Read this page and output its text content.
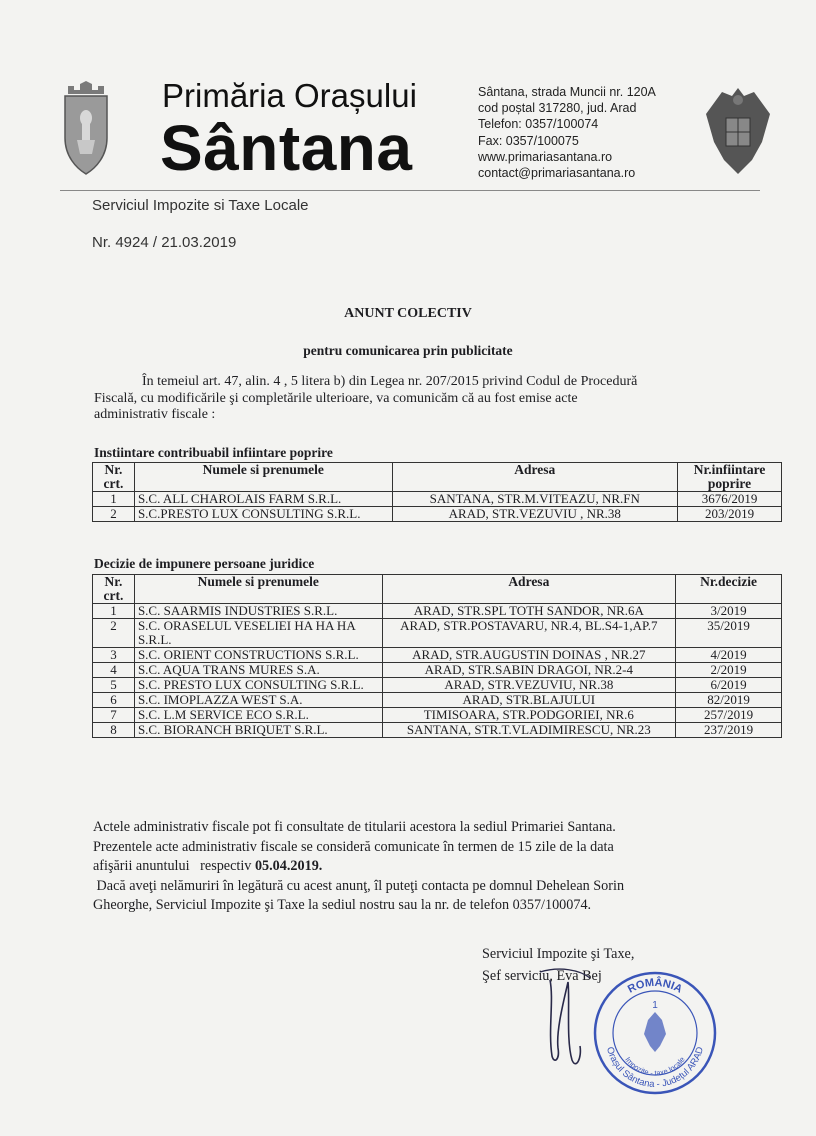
Primăria Orașului
Sântana
Sântana, strada Muncii nr. 120A
cod poștal 317280, jud. Arad
Telefon: 0357/100074
Fax: 0357/100075
www.primariasantana.ro
contact@primariasantana.ro
Serviciul Impozite si Taxe Locale
Nr. 4924 / 21.03.2019
ANUNT COLECTIV
pentru comunicarea prin publicitate
În temeiul art. 47, alin. 4 , 5 litera b) din Legea nr. 207/2015 privind Codul de Procedură
Fiscală, cu modificările şi completările ulterioare, va comunicăm că au fost emise acte
administrativ fiscale :
Instiintare contribuabil infiintare poprire
Nr. crt.	Numele si prenumele	Adresa	Nr.infiintare poprire
1	S.C. ALL CHAROLAIS FARM S.R.L.	SANTANA, STR.M.VITEAZU, NR.FN	3676/2019
2	S.C.PRESTO LUX CONSULTING S.R.L.	ARAD, STR.VEZUVIU , NR.38	203/2019
Decizie de impunere persoane juridice
Nr. crt.	Numele si prenumele	Adresa	Nr.decizie
1	S.C. SAARMIS INDUSTRIES S.R.L.	ARAD, STR.SPL TOTH SANDOR, NR.6A	3/2019
2	S.C. ORASELUL VESELIEI HA HA HA S.R.L.	ARAD, STR.POSTAVARU, NR.4, BL.S4-1,AP.7	35/2019
3	S.C. ORIENT CONSTRUCTIONS S.R.L.	ARAD, STR.AUGUSTIN DOINAS , NR.27	4/2019
4	S.C. AQUA TRANS MURES S.A.	ARAD, STR.SABIN DRAGOI, NR.2-4	2/2019
5	S.C. PRESTO LUX CONSULTING S.R.L.	ARAD, STR.VEZUVIU, NR.38	6/2019
6	S.C. IMOPLAZZA WEST S.A.	ARAD, STR.BLAJULUI	82/2019
7	S.C. L.M SERVICE ECO S.R.L.	TIMISOARA, STR.PODGORIEI, NR.6	257/2019
8	S.C. BIORANCH BRIQUET S.R.L.	SANTANA, STR.T.VLADIMIRESCU, NR.23	237/2019
Actele administrativ fiscale pot fi consultate de titularii acestora la sediul Primariei Santana.
Prezentele acte administrativ fiscale se consideră comunicate în termen de 15 zile de la data
afişării anuntului   respectiv 05.04.2019.
Dacă aveţi nelămuriri în legătură cu acest anunţ, îl puteţi contacta pe domnul Dehelean Sorin
Gheorghe, Serviciul Impozite şi Taxe la sediul nostru sau la nr. de telefon 0357/100074.
Serviciul Impozite şi Taxe,
Şef serviciu, Eva Bej
ROMÂNIA
Orașul Sântana - Județul ARAD
Impozite - taxe locale
1
